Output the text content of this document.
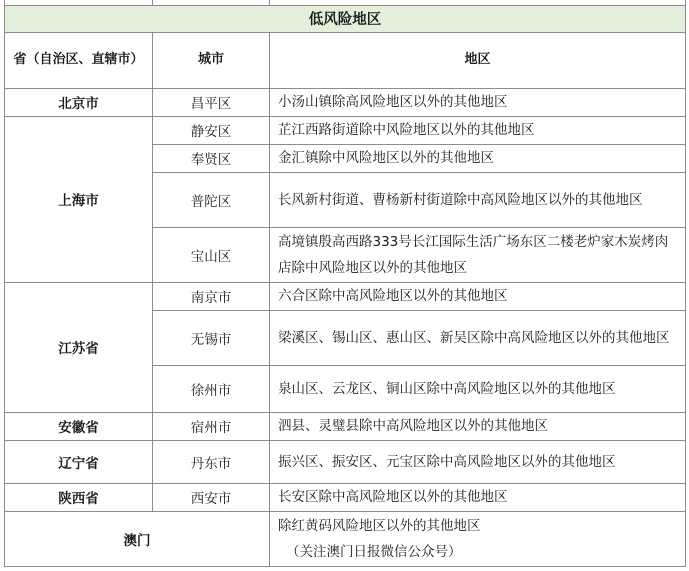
低风险地区		
省（自治区、直辖市）	城市	地区
北京市	昌平区	小汤山镇除高风险地区以外的其他地区
上海市	静安区	芷江西路街道除中风险地区以外的其他地区
	奉贤区	金汇镇除中风险地区以外的其他地区
	普陀区	长风新村街道、曹杨新村街道除中高风险地区以外的其他地区
	宝山区	高境镇殷高西路333号长江国际生活广场东区二楼老炉家木炭烤肉店除中风险地区以外的其他地区
江苏省	南京市	六合区除中高风险地区以外的其他地区
	无锡市	梁溪区、锡山区、惠山区、新吴区除中高风险地区以外的其他地区
	徐州市	泉山区、云龙区、铜山区除中高风险地区以外的其他地区
安徽省	宿州市	泗县、灵璧县除中高风险地区以外的其他地区
辽宁省	丹东市	振兴区、振安区、元宝区除中高风险地区以外的其他地区
陕西省	西安市	长安区除中高风险地区以外的其他地区
澳门		除红黄码风险地区以外的其他地区
（关注澳门日报微信公众号）
